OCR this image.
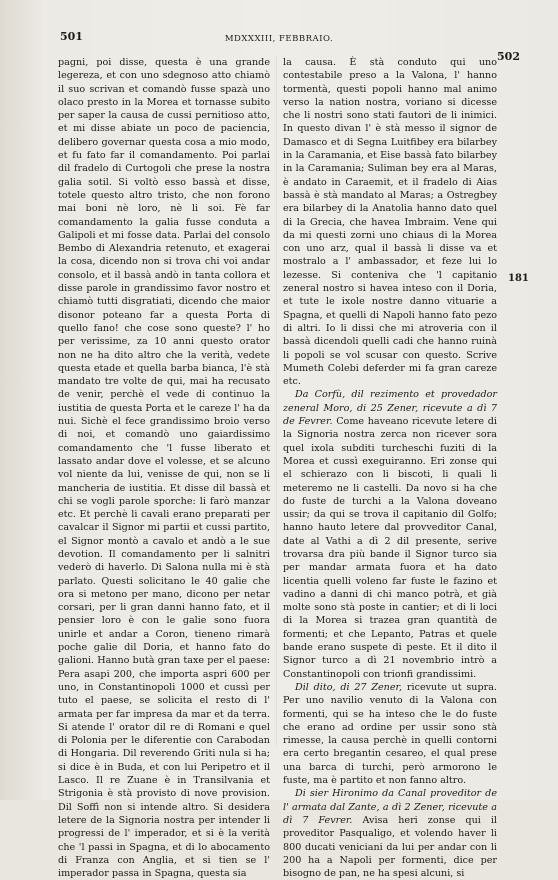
501	MDXXXIII, FEBBRAIO.
502

pagni, poi disse, questa è una grande legereza, et con uno sdegnoso atto chiamò il suo scrivan et comandò fusse spazà uno olaco presto in la Morea et tornasse subito per saper la causa de cussi pernitioso atto, et mi disse abiate un poco de paciencia, delibero governar questa cosa a mio modo, et fu fato far il comandamento. Poi parlai dil fradelo di Curtogoli che prese la nostra galia sotil. Si voltò esso bassà et disse, totele questo altro tristo, che non forono mai boni nè loro, nè li soi. Fè far comandamento la galia fusse conduta a Galipoli et mi fosse data. Parlai del consolo Bembo di Alexandria retenuto, et exagerai la cosa, dicendo non si trova chi voi andar consolo, et il bassà andò in tanta collora et disse parole in grandissimo favor nostro et chiamò tutti disgratiati, dicendo che maior disonor poteano far a questa Porta di quello fano! che cose sono queste? l' ho per verissime, za 10 anni questo orator non ne ha dito altro che la verità, vedete questa etade et quella barba bianca, l'è stà mandato tre volte de qui, mai ha recusato de venir, perchè el vede di continuo la iustitia de questa Porta et le careze l' ha da nui. Sichè el fece grandissimo broio verso di noi, et comandò uno gaiardissimo comandamento che 'l fusse liberato et lassato andar dove el volesse, et se alcuno vol niente da lui, venisse de qui, non se li mancheria de iustitia. Et disse dil bassà et chi se vogli parole sporche: li farò manzar etc. Et perchè li cavali erano preparati per cavalcar il Signor mi partii et cussi partito, el Signor montò a cavalo et andò a le sue devotion. Il comandamento per li salnitri vederò di haverlo. Di Salona nulla mi è stà parlato. Questi solicitano le 40 galie che ora si metono per mano, dicono per netar corsari, per li gran danni hanno fato, et il pensier loro è con le galie sono fuora unirle et andar a Coron, tieneno rimarà poche galie dil Doria, et hanno fato do galioni. Hanno butà gran taxe per el paese: Pera asapi 200, che importa aspri 600 per uno, in Constantinopoli 1000 et cussì per tuto el paese, se solicita el resto di l' armata per far impresa da mar et da terra. Si atende l' orator dil re di Romani e quel di Polonia per le diferentie con Carabodan di Hongaria. Dil reverendo Griti nula si ha; si dice è in Buda, et con lui Peripetro et il Lasco. Il re Zuane è in Transilvania et Strigonia è stà provisto di nove provision. Dil Soffì non si intende altro. Si desidera letere de la Signoria nostra per intender li progressi de l' imperador, et si è la verità che 'l passi in Spagna, et di lo abocamento di Franza con Anglia, et si tien se l' imperador passa in Spagna, questa sia

la causa. È stà conduto qui uno contestabile preso a la Valona, l' hanno tormentà, questi popoli hanno mal animo verso la nation nostra, voriano si dicesse che li nostri sono stati fautori de li inimici. In questo divan l' è stà messo il signor de Damasco et di Segna Luitfibey era bilarbey in la Caramania, et Eise bassà fato bilarbey in la Caramania; Suliman bey era al Maras, è andato in Caraemit, et il fradelo di Aias bassà è stà mandato al Maras; a Ostregbey era bilarbey di la Anatolia hanno dato quel di la Grecia, che havea Imbraim. Vene qui da mi questi zorni uno chiaus di la Morea con uno arz, qual il bassà li disse va et mostralo a l' ambassador, et feze lui lo lezesse. Si conteniva che 'l capitanio zeneral nostro si havea inteso con il Doria, et tute le ixole nostre danno vituarie a Spagna, et quelli di Napoli hanno fato pezo di altri. Io li dissi che mi atroveria con il bassà dicendoli quelli cadi che hanno ruinà li popoli se vol scusar con questo. Scrive Mumeth Colebi deferder mi fa gran careze etc.

Da Corfù, dil rezimento et provedador zeneral Moro, di 25 Zener, ricevute a dì 7 de Fevrer. Come haveano ricevute letere di la Signoria nostra zerca non ricever sora quel ixola subditi turcheschi fuziti di la Morea et cussì exeguiranno. Eri zonse qui el schierazo con li biscoti, li quali li meteremo ne li castelli. Da novo si ha che do fuste de turchi a la Valona doveano ussir; da qui se trova il capitanio dil Golfo; hanno hauto letere dal provveditor Canal, date al Vathi a dì 2 dil presente, serive trovarsa dra più bande il Signor turco sia per mandar armata fuora et ha dato licentia quelli voleno far fuste le fazino et vadino a danni di chi manco potrà, et già molte sono stà poste in cantier; et di li loci di la Morea si trazea gran quantità de formenti; et che Lepanto, Patras et quele bande erano suspete di peste. Et il dito il Signor turco a dì 21 novembrio intrò a Constantinopoli con trionfi grandissimi.

Dil dito, di 27 Zener, ricevute ut supra. Per uno navilio venuto di la Valona con formenti, qui se ha inteso che le do fuste che erano ad ordine per ussir sono stà rimesse, la causa perchè in quelli contorni era certo bregantin cesareo, el qual prese una barca di turchi, però armorono le fuste, ma è partito et non fanno altro.

Di sier Hironimo da Canal proveditor de l' armata dal Zante, a dì 2 Zener, ricevute a dì 7 Fevrer. Avisa heri zonse qui il proveditor Pasqualigo, et volendo haver li 800 ducati veniciani da lui per andar con li 200 ha a Napoli per formenti, dice per bisogno de pan, ne ha spesi alcuni, si

181
